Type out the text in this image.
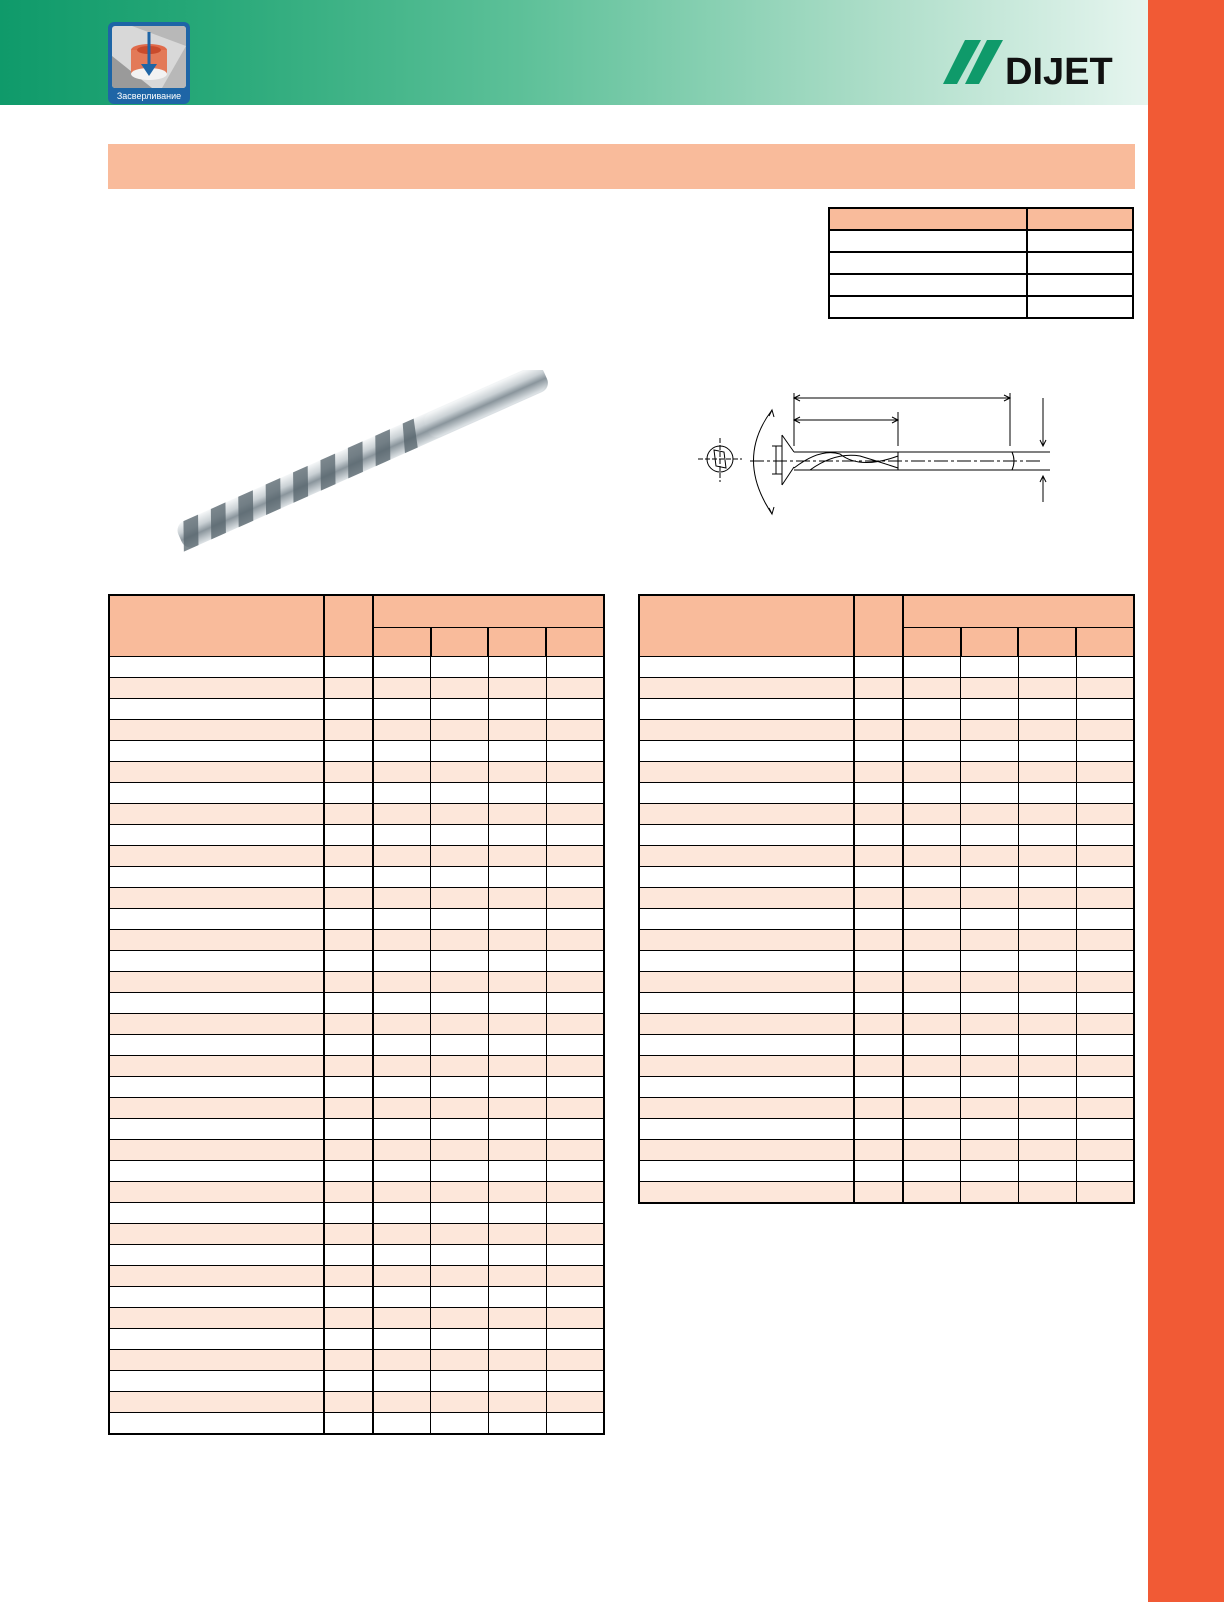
Засверливание
DIJET
